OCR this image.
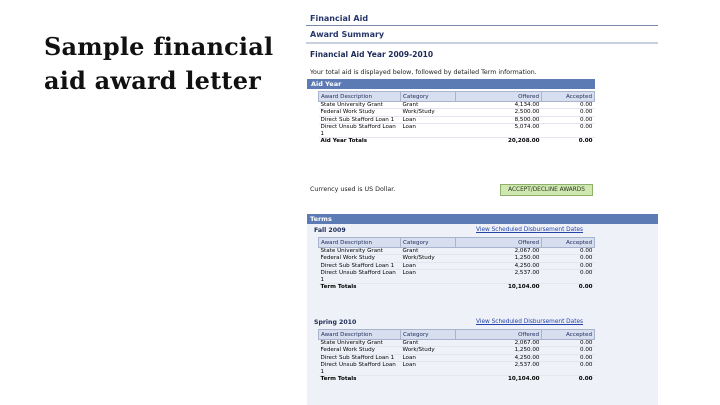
Sample financial aid award letter
Financial Aid
Award Summary
Financial Aid Year 2009-2010
Your total aid is displayed below, followed by detailed Term information.
Aid Year
Award Description	Category	Offered	Accepted
State University Grant	Grant	4,134.00	0.00
Federal Work Study	Work/Study	2,500.00	0.00
Direct Sub Stafford Loan 1	Loan	8,500.00	0.00
Direct Unsub Stafford Loan 1	Loan	5,074.00	0.00
Aid Year Totals		20,208.00	0.00
Currency used is US Dollar.	ACCEPT/DECLINE AWARDS
Terms
Fall 2009	View Scheduled Disbursement Dates
Award Description	Category	Offered	Accepted
State University Grant	Grant	2,067.00	0.00
Federal Work Study	Work/Study	1,250.00	0.00
Direct Sub Stafford Loan 1	Loan	4,250.00	0.00
Direct Unsub Stafford Loan 1	Loan	2,537.00	0.00
Term Totals		10,104.00	0.00
Spring 2010	View Scheduled Disbursement Dates
Award Description	Category	Offered	Accepted
State University Grant	Grant	2,067.00	0.00
Federal Work Study	Work/Study	1,250.00	0.00
Direct Sub Stafford Loan 1	Loan	4,250.00	0.00
Direct Unsub Stafford Loan 1	Loan	2,537.00	0.00
Term Totals		10,104.00	0.00
